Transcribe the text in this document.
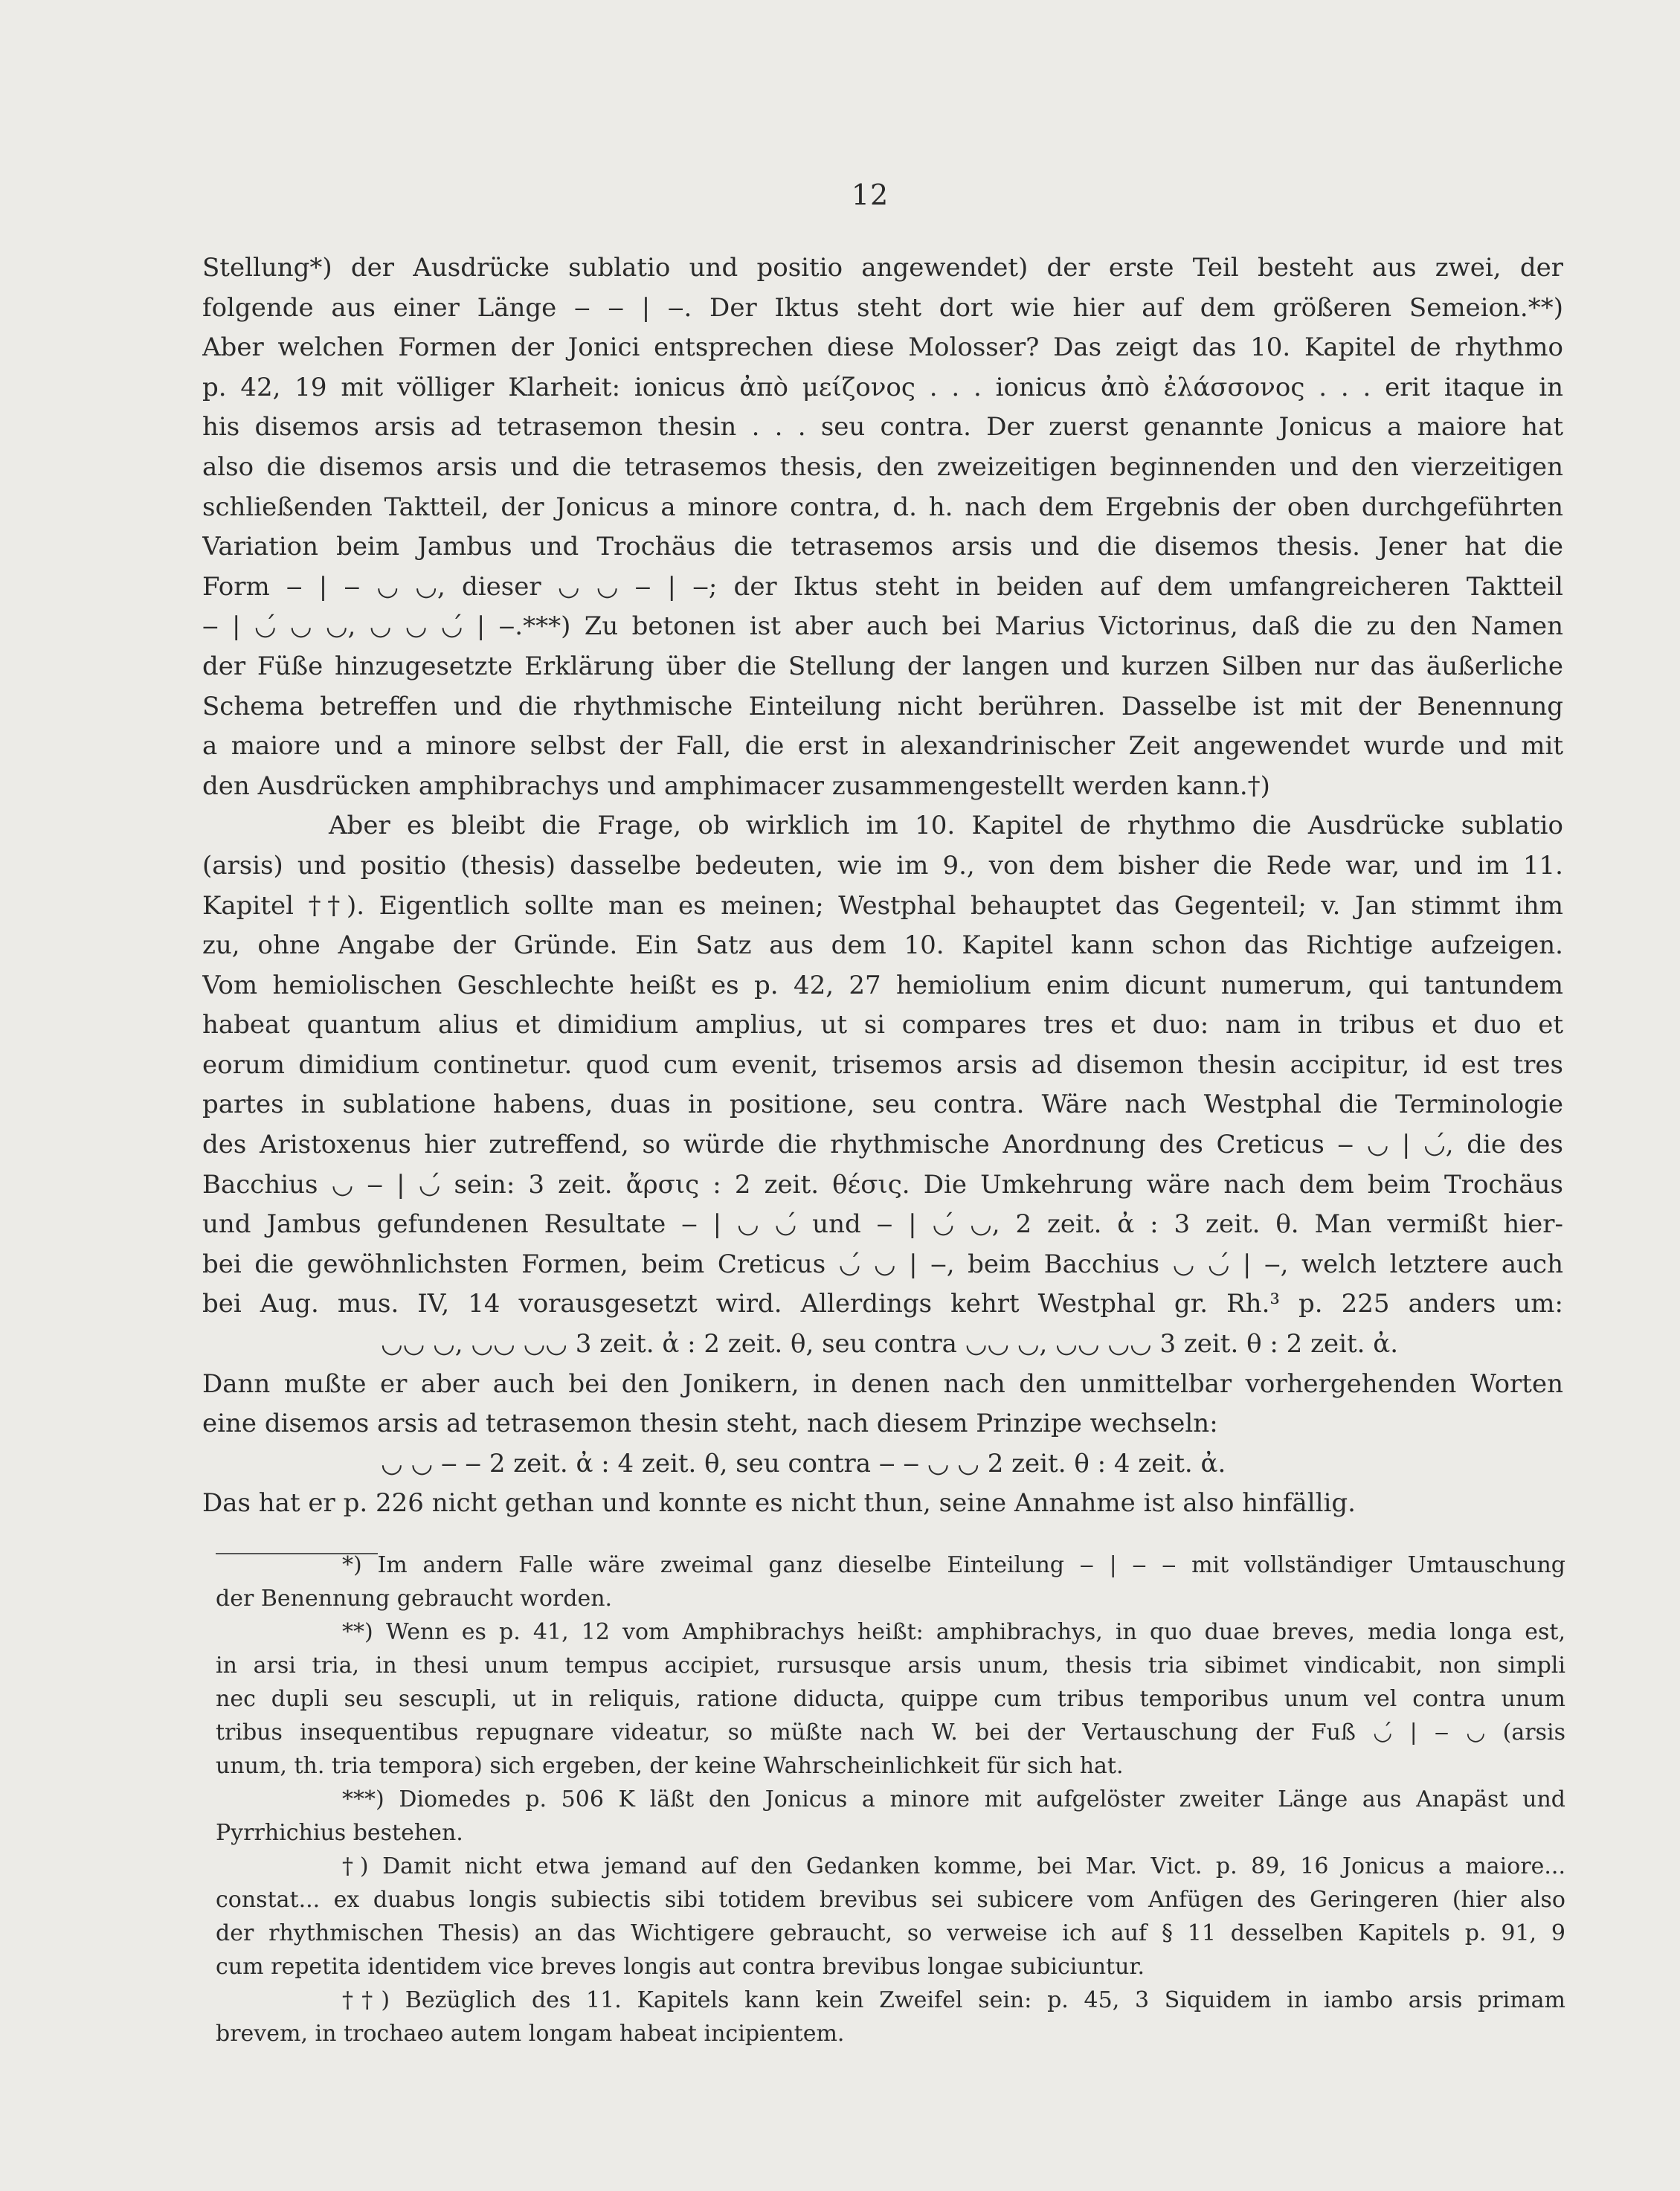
12
Stellung*) der Ausdrücke sublatio und positio angewendet) der erste Teil besteht aus zwei, der
folgende aus einer Länge ‒ ‒ | ‒. Der Iktus steht dort wie hier auf dem größeren Semeion.**)
Aber welchen Formen der Jonici entsprechen diese Molosser? Das zeigt das 10. Kapitel de rhythmo
p. 42, 19 mit völliger Klarheit: ionicus ἀπὸ μείζονος . . . ionicus ἀπὸ ἐλάσσονος . . . erit itaque in
his disemos arsis ad tetrasemon thesin . . . seu contra. Der zuerst genannte Jonicus a maiore hat
also die disemos arsis und die tetrasemos thesis, den zweizeitigen beginnenden und den vierzeitigen
schließenden Taktteil, der Jonicus a minore contra, d. h. nach dem Ergebnis der oben durchgeführten
Variation beim Jambus und Trochäus die tetrasemos arsis und die disemos thesis. Jener hat die
Form ‒ | ‒ ◡ ◡, dieser ◡ ◡ ‒ | ‒; der Iktus steht in beiden auf dem umfangreicheren Taktteil
‒ | ◡́ ◡ ◡, ◡ ◡ ◡́ | ‒.***) Zu betonen ist aber auch bei Marius Victorinus, daß die zu den Namen
der Füße hinzugesetzte Erklärung über die Stellung der langen und kurzen Silben nur das äußerliche
Schema betreffen und die rhythmische Einteilung nicht berühren. Dasselbe ist mit der Benennung
a maiore und a minore selbst der Fall, die erst in alexandrinischer Zeit angewendet wurde und mit
den Ausdrücken amphibrachys und amphimacer zusammengestellt werden kann.†)
Aber es bleibt die Frage, ob wirklich im 10. Kapitel de rhythmo die Ausdrücke sublatio
(arsis) und positio (thesis) dasselbe bedeuten, wie im 9., von dem bisher die Rede war, und im 11.
Kapitel ††). Eigentlich sollte man es meinen; Westphal behauptet das Gegenteil; v. Jan stimmt ihm
zu, ohne Angabe der Gründe. Ein Satz aus dem 10. Kapitel kann schon das Richtige aufzeigen.
Vom hemiolischen Geschlechte heißt es p. 42, 27 hemiolium enim dicunt numerum, qui tantundem
habeat quantum alius et dimidium amplius, ut si compares tres et duo: nam in tribus et duo et
eorum dimidium continetur. quod cum evenit, trisemos arsis ad disemon thesin accipitur, id est tres
partes in sublatione habens, duas in positione, seu contra. Wäre nach Westphal die Terminologie
des Aristoxenus hier zutreffend, so würde die rhythmische Anordnung des Creticus ‒ ◡ | ◡́, die des
Bacchius ◡ ‒ | ◡́ sein: 3 zeit. ἄρσις : 2 zeit. θέσις. Die Umkehrung wäre nach dem beim Trochäus
und Jambus gefundenen Resultate ‒ | ◡ ◡́ und ‒ | ◡́ ◡, 2 zeit. ἀ : 3 zeit. θ. Man vermißt hier-
bei die gewöhnlichsten Formen, beim Creticus ◡́ ◡ | ‒, beim Bacchius ◡ ◡́ | ‒, welch letztere auch
bei Aug. mus. IV, 14 vorausgesetzt wird. Allerdings kehrt Westphal gr. Rh.³ p. 225 anders um:
◡◡ ◡, ◡◡ ◡◡ 3 zeit. ἀ : 2 zeit. θ, seu contra ◡◡ ◡, ◡◡ ◡◡ 3 zeit. θ : 2 zeit. ἀ.
Dann mußte er aber auch bei den Jonikern, in denen nach den unmittelbar vorhergehenden Worten
eine disemos arsis ad tetrasemon thesin steht, nach diesem Prinzipe wechseln:
◡ ◡ ‒ ‒ 2 zeit. ἀ : 4 zeit. θ, seu contra ‒ ‒ ◡ ◡ 2 zeit. θ : 4 zeit. ἀ.
Das hat er p. 226 nicht gethan und konnte es nicht thun, seine Annahme ist also hinfällig.
*) Im andern Falle wäre zweimal ganz dieselbe Einteilung ‒ | ‒ ‒ mit vollständiger Umtauschung
der Benennung gebraucht worden.
**) Wenn es p. 41, 12 vom Amphibrachys heißt: amphibrachys, in quo duae breves, media longa est,
in arsi tria, in thesi unum tempus accipiet, rursusque arsis unum, thesis tria sibimet vindicabit, non simpli
nec dupli seu sescupli, ut in reliquis, ratione diducta, quippe cum tribus temporibus unum vel contra unum
tribus insequentibus repugnare videatur, so müßte nach W. bei der Vertauschung der Fuß ◡́ | ‒ ◡ (arsis
unum, th. tria tempora) sich ergeben, der keine Wahrscheinlichkeit für sich hat.
***) Diomedes p. 506 K läßt den Jonicus a minore mit aufgelöster zweiter Länge aus Anapäst und
Pyrrhichius bestehen.
†) Damit nicht etwa jemand auf den Gedanken komme, bei Mar. Vict. p. 89, 16 Jonicus a maiore...
constat... ex duabus longis subiectis sibi totidem brevibus sei subicere vom Anfügen des Geringeren (hier also
der rhythmischen Thesis) an das Wichtigere gebraucht, so verweise ich auf § 11 desselben Kapitels p. 91, 9
cum repetita identidem vice breves longis aut contra brevibus longae subiciuntur.
††) Bezüglich des 11. Kapitels kann kein Zweifel sein: p. 45, 3 Siquidem in iambo arsis primam
brevem, in trochaeo autem longam habeat incipientem.
